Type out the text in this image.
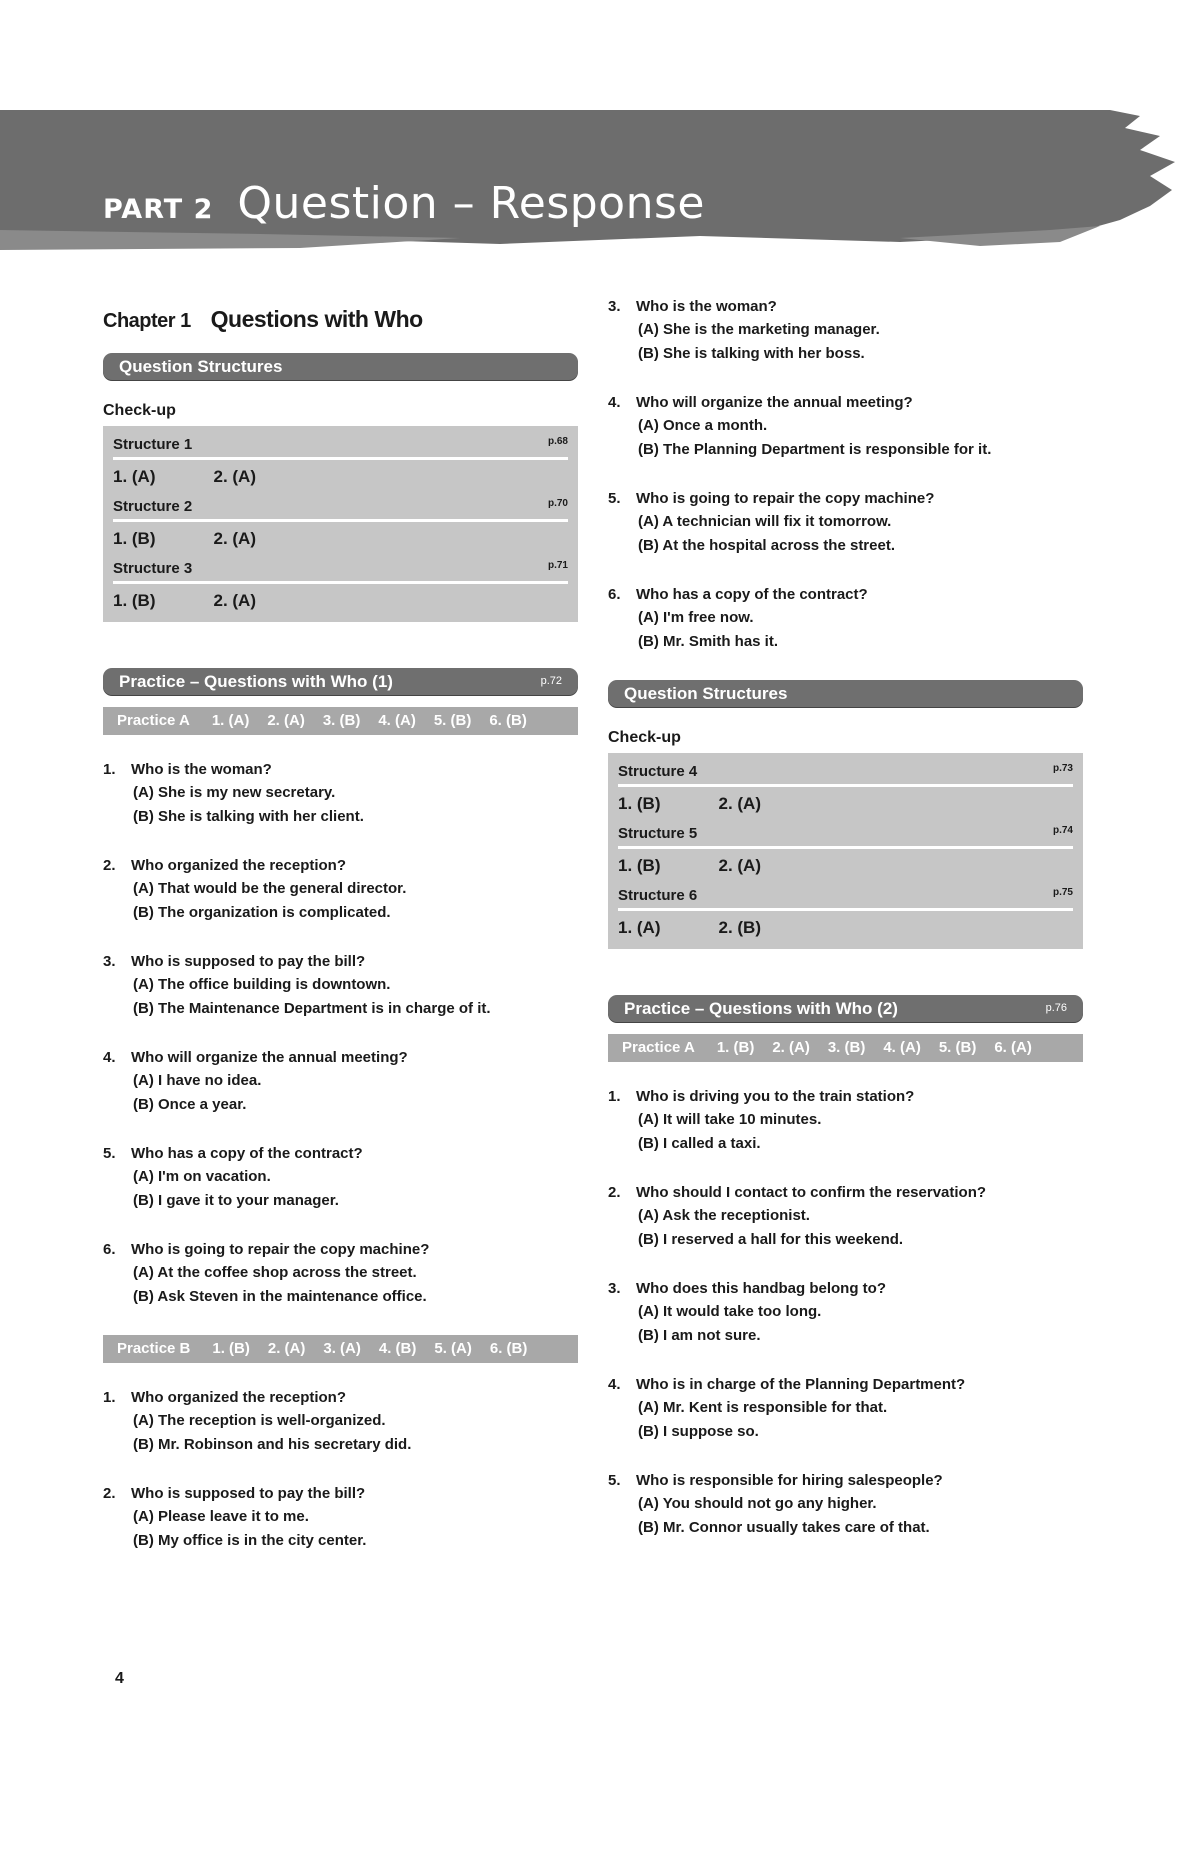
PART 2 Question – Response
Chapter 1 Questions with Who
Question Structures
Check-up
Structure 1	p.68
1. (A)	2. (A)
Structure 2	p.70
1. (B)	2. (A)
Structure 3	p.71
1. (B)	2. (A)
Practice – Questions with Who (1)	p.72
Practice A 1. (A) 2. (A) 3. (B) 4. (A) 5. (B) 6. (B)
1. Who is the woman?
(A) She is my new secretary.
(B) She is talking with her client.
2. Who organized the reception?
(A) That would be the general director.
(B) The organization is complicated.
3. Who is supposed to pay the bill?
(A) The office building is downtown.
(B) The Maintenance Department is in charge of it.
4. Who will organize the annual meeting?
(A) I have no idea.
(B) Once a year.
5. Who has a copy of the contract?
(A) I'm on vacation.
(B) I gave it to your manager.
6. Who is going to repair the copy machine?
(A) At the coffee shop across the street.
(B) Ask Steven in the maintenance office.
Practice B 1. (B) 2. (A) 3. (A) 4. (B) 5. (A) 6. (B)
1. Who organized the reception?
(A) The reception is well-organized.
(B) Mr. Robinson and his secretary did.
2. Who is supposed to pay the bill?
(A) Please leave it to me.
(B) My office is in the city center.
3. Who is the woman?
(A) She is the marketing manager.
(B) She is talking with her boss.
4. Who will organize the annual meeting?
(A) Once a month.
(B) The Planning Department is responsible for it.
5. Who is going to repair the copy machine?
(A) A technician will fix it tomorrow.
(B) At the hospital across the street.
6. Who has a copy of the contract?
(A) I'm free now.
(B) Mr. Smith has it.
Question Structures
Check-up
Structure 4	p.73
1. (B)	2. (A)
Structure 5	p.74
1. (B)	2. (A)
Structure 6	p.75
1. (A)	2. (B)
Practice – Questions with Who (2)	p.76
Practice A 1. (B) 2. (A) 3. (B) 4. (A) 5. (B) 6. (A)
1. Who is driving you to the train station?
(A) It will take 10 minutes.
(B) I called a taxi.
2. Who should I contact to confirm the reservation?
(A) Ask the receptionist.
(B) I reserved a hall for this weekend.
3. Who does this handbag belong to?
(A) It would take too long.
(B) I am not sure.
4. Who is in charge of the Planning Department?
(A) Mr. Kent is responsible for that.
(B) I suppose so.
5. Who is responsible for hiring salespeople?
(A) You should not go any higher.
(B) Mr. Connor usually takes care of that.
4
